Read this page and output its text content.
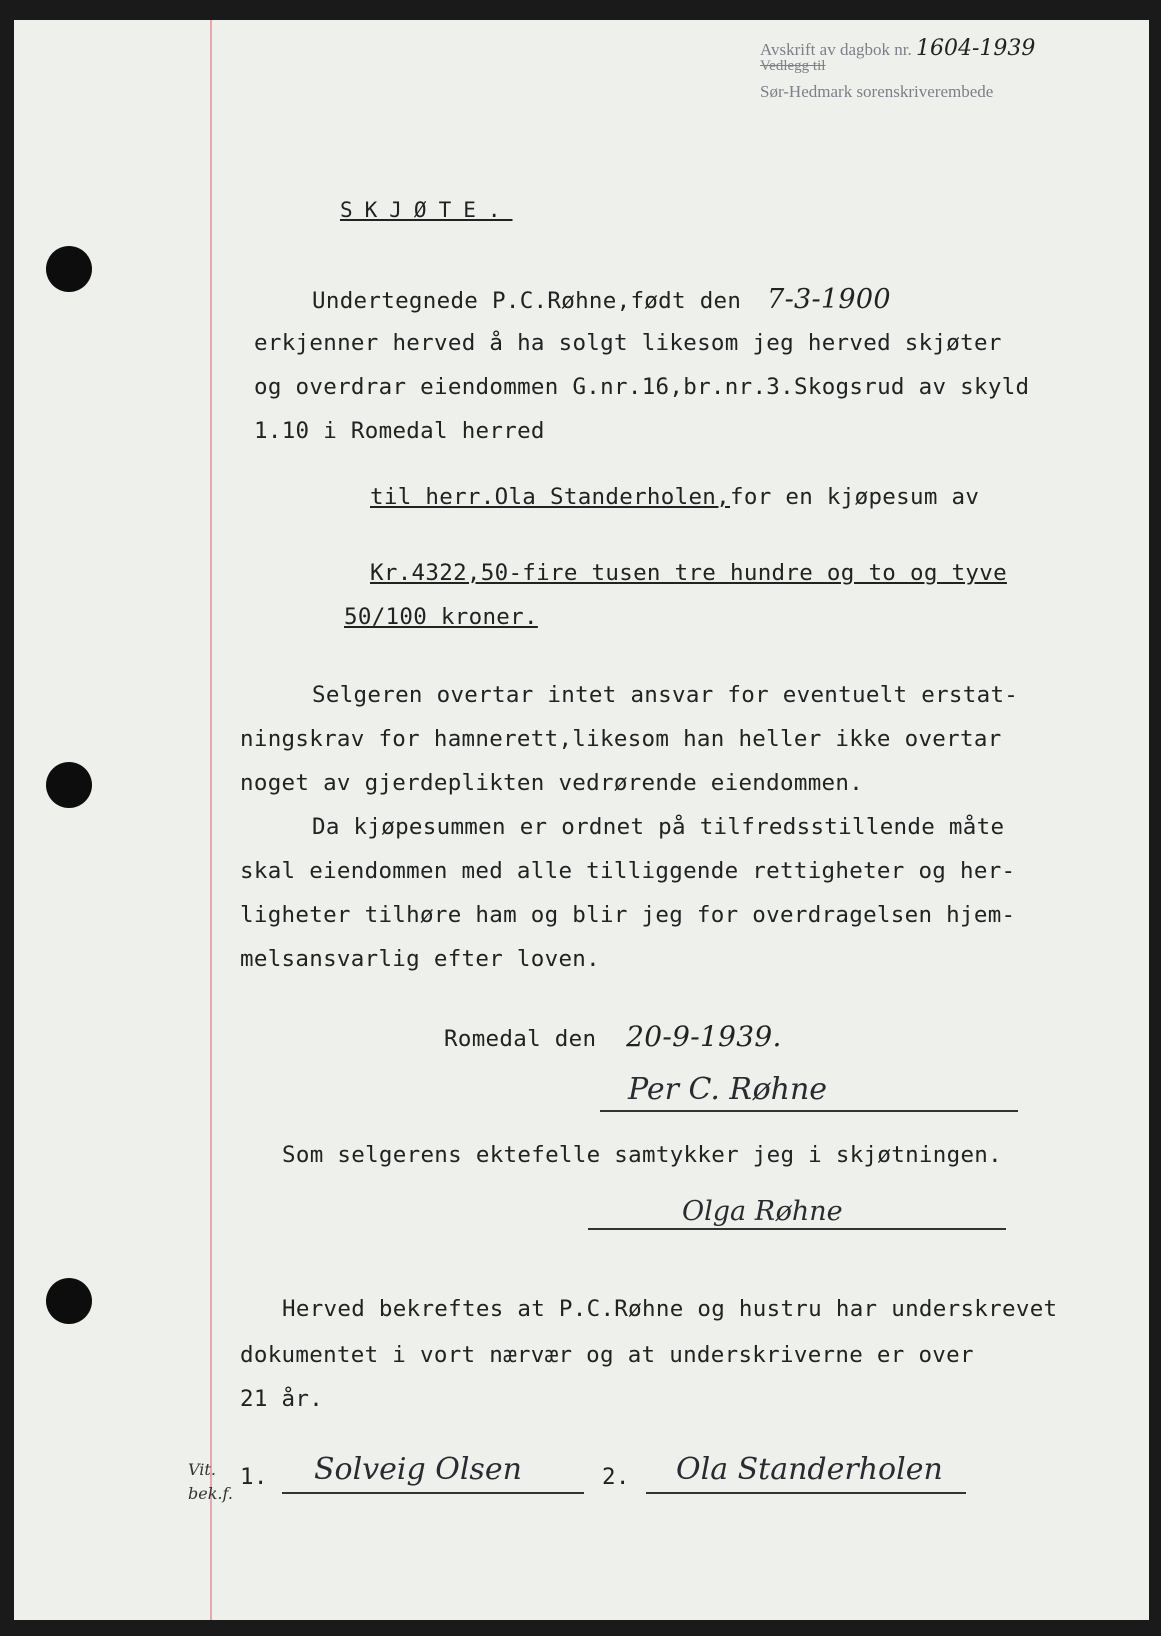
Avskrift av dagbok nr. 1604-1939
Vedlegg til
Sør-Hedmark sorenskriverembede
SKJØTE.
Undertegnede P.C.Røhne,født den 7-3-1900
erkjenner herved å ha solgt likesom jeg herved skjøter
og overdrar eiendommen G.nr.16,br.nr.3.Skogsrud av skyld
1.10 i Romedal herred
til herr.Ola Standerholen,for en kjøpesum av
Kr.4322,50-fire tusen tre hundre og to og tyve
50/100 kroner.
Selgeren overtar intet ansvar for eventuelt erstat-
ningskrav for hamnerett,likesom han heller ikke overtar
noget av gjerdeplikten vedrørende eiendommen.
Da kjøpesummen er ordnet på tilfredsstillende måte
skal eiendommen med alle tilliggende rettigheter og her-
ligheter tilhøre ham og blir jeg for overdragelsen hjem-
melsansvarlig efter loven.
Romedal den 20-9-1939.
Per C. Røhne
Som selgerens ektefelle samtykker jeg i skjøtningen.
Olga Røhne
Herved bekreftes at P.C.Røhne og hustru har underskrevet
dokumentet i vort nærvær og at underskriverne er over
21 år.
Vit.
bek.f.
1. Solveig Olsen	2. Ola Standerholen
